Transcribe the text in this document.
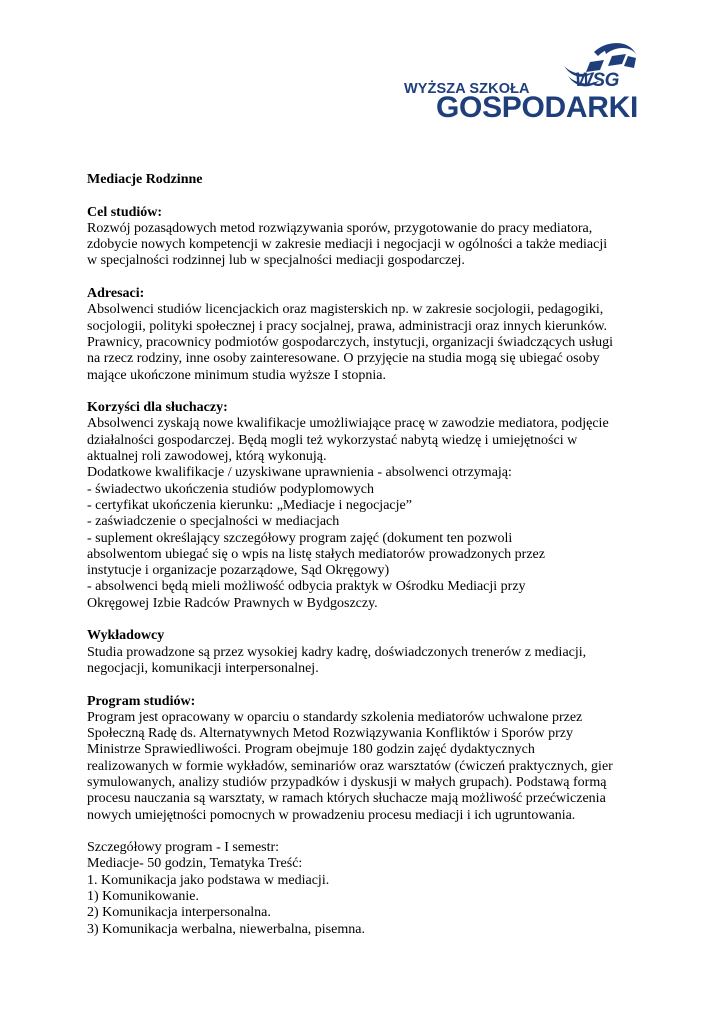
WSG
WYŻSZA SZKOŁA
GOSPODARKI

Mediacje Rodzinne

Cel studiów:

Rozwój pozasądowych metod rozwiązywania sporów, przygotowanie do pracy mediatora,

zdobycie nowych kompetencji w zakresie mediacji i negocjacji w ogólności a także mediacji

w specjalności rodzinnej lub w specjalności mediacji gospodarczej.

Adresaci:

Absolwenci studiów licencjackich oraz magisterskich np. w zakresie socjologii, pedagogiki,

socjologii, polityki społecznej i pracy socjalnej, prawa, administracji oraz innych kierunków.

Prawnicy, pracownicy podmiotów gospodarczych, instytucji, organizacji świadczących usługi

na rzecz rodziny, inne osoby zainteresowane. O przyjęcie na studia mogą się ubiegać osoby

mające ukończone minimum studia wyższe I stopnia.

Korzyści dla słuchaczy:

Absolwenci zyskają nowe kwalifikacje umożliwiające pracę w zawodzie mediatora, podjęcie

działalności gospodarczej. Będą mogli też wykorzystać nabytą wiedzę i umiejętności w

aktualnej roli zawodowej, którą wykonują.

Dodatkowe kwalifikacje / uzyskiwane uprawnienia - absolwenci otrzymają:

- świadectwo ukończenia studiów podyplomowych

- certyfikat ukończenia kierunku: „Mediacje i negocjacje”

- zaświadczenie o specjalności w mediacjach

- suplement określający szczegółowy program zajęć (dokument ten pozwoli

absolwentom ubiegać się o wpis na listę stałych mediatorów prowadzonych przez

instytucje i organizacje pozarządowe, Sąd Okręgowy)

- absolwenci będą mieli możliwość odbycia praktyk w Ośrodku Mediacji przy

Okręgowej Izbie Radców Prawnych w Bydgoszczy.

Wykładowcy

Studia prowadzone są przez wysokiej kadry kadrę, doświadczonych trenerów z mediacji,

negocjacji, komunikacji interpersonalnej.

Program studiów:

Program jest opracowany w oparciu o standardy szkolenia mediatorów uchwalone przez

Społeczną Radę ds. Alternatywnych Metod Rozwiązywania Konfliktów i Sporów przy

Ministrze Sprawiedliwości. Program obejmuje 180 godzin zajęć dydaktycznych

realizowanych w formie wykładów, seminariów oraz warsztatów (ćwiczeń praktycznych, gier

symulowanych, analizy studiów przypadków i dyskusji w małych grupach). Podstawą formą

procesu nauczania są warsztaty, w ramach których słuchacze mają możliwość przećwiczenia

nowych umiejętności pomocnych w prowadzeniu procesu mediacji i ich ugruntowania.

Szczegółowy program - I semestr:

Mediacje- 50 godzin, Tematyka Treść:

1. Komunikacja jako podstawa w mediacji.

1) Komunikowanie.

2) Komunikacja interpersonalna.

3) Komunikacja werbalna, niewerbalna, pisemna.
